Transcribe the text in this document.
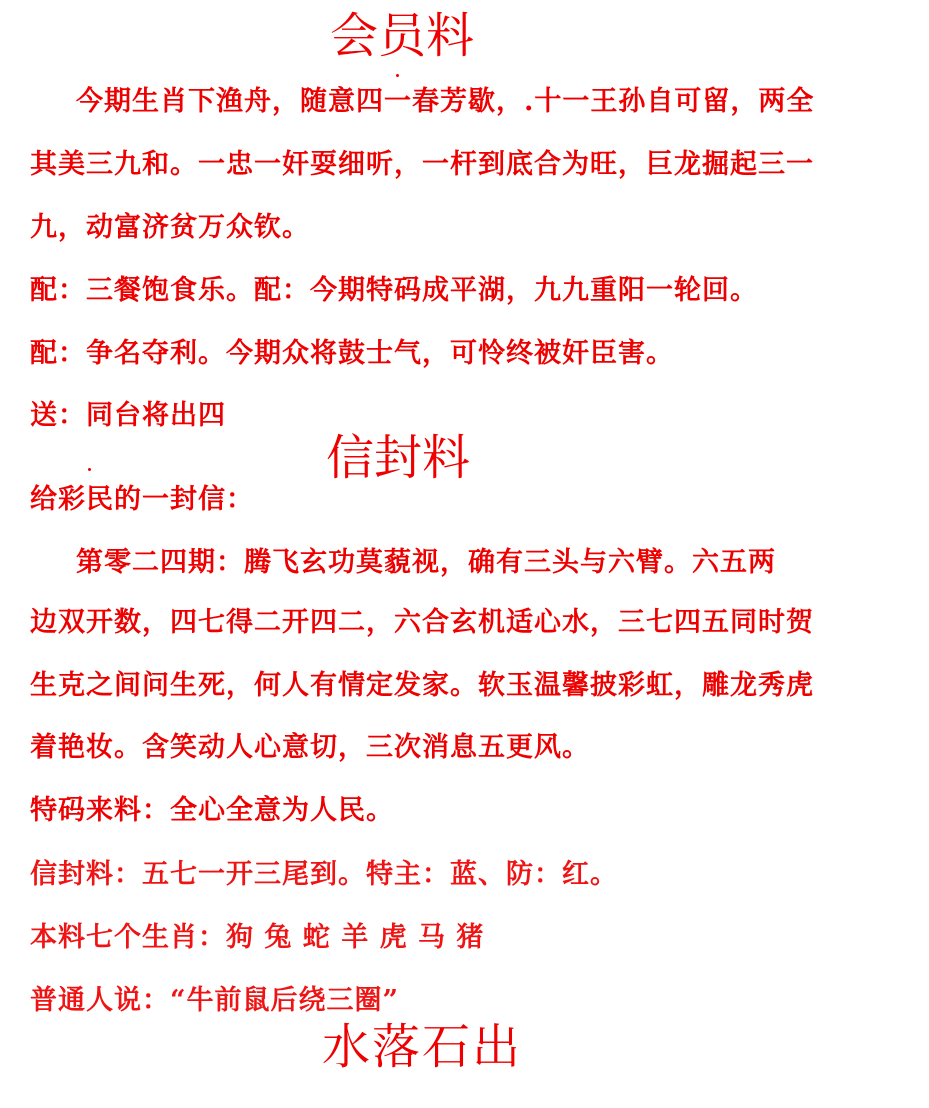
会员料
今期生肖下渔舟，随意四一春芳歇，.十一王孙自可留，两全
其美三九和。一忠一奸耍细听，一杆到底合为旺，巨龙掘起三一
九，动富济贫万众钦。
配：三餐饱食乐。配：今期特码成平湖，九九重阳一轮回。
配：争名夺利。今期众将鼓士气，可怜终被奸臣害。
送：同台将出四
信封料
给彩民的一封信：
第零二四期：腾飞玄功莫藐视，确有三头与六臂。六五两
边双开数，四七得二开四二，六合玄机适心水，三七四五同时贺
生克之间问生死，何人有情定发家。软玉温馨披彩虹，雕龙秀虎
着艳妆。含笑动人心意切，三次消息五更风。
特码来料：全心全意为人民。
信封料：五七一开三尾到。特主：蓝、防：红。
本料七个生肖：狗 兔 蛇 羊 虎 马 猪
普通人说：“牛前鼠后绕三圈”
水落石出
